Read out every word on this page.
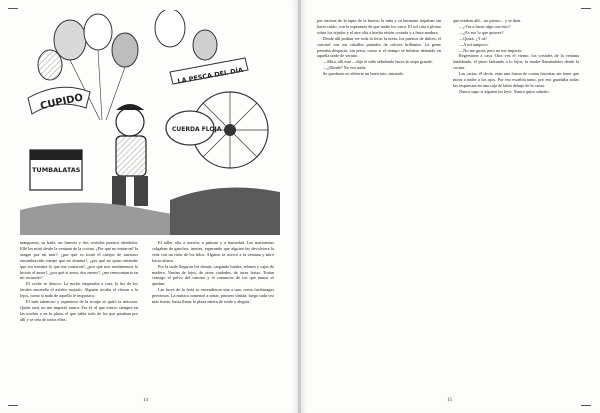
CUPIDO
LA PESCA DEL DÍA
CUERDA FLOJA
TUMBALATAS

mangueras, su baile, un funesto y dos vestidos puestos alrededor. Ellé los miró desde la ventana de la cocina. ¿Por qué no entraron? la sangre por mi mar?, ¿por qué os tomó el cuerpo de nuestros ensombrecido cuerpo que no domina?, ¿por qué no quiso entender que era mentira lo que me contaron?, ¿por qué mis sentimientos le hiciste el amor?, ¿por qué si amor, dos meses?, ¿me reencontraría en mi recuerdo?

El coche se detuvo. La noche empezaba a caer, la luz de los faroles encendía el asfalto mojado. Alguien tocaba el claxon a lo lejos, como si nada de aquello le importara.

El más talentoso y espantoso de la troupe se quitó la máscara. Quién será, no me importó nunca. Era él, el que estuvo siempre en las noches y en la plaza, el que sabía todo de los que pasaban por allí y se reía de todos ellos.

El taller olía a aserrín, a pintura y a humedad. Las marionetas colgaban de ganchos, inertes, esperando que alguien les devolviera la vida con un tirón de los hilos. Alguien se acercó a la ventana y miró hacia afuera.

Por la tarde llegaron los demás, cargando baúles, telones y cajas de madera. Venían de lejos, de otras ciudades, de otras ferias. Traían consigo el polvo del camino y el cansancio de los que nunca se quedan.

Las luces de la feria se encendieron una a una, como luciérnagas perezosas. La música comenzó a sonar, primero tímida, luego cada vez más fuerte, hasta llenar la plaza entera de ruido y alegría.

14

por encima de la tapia de la huerta, la niña y su hermano trepaban sin hacer ruido, con la esperanza de que nadie los viera. El sol caía a plomo sobre los tejados y el aire olía a hierba recién cortada y a fruta madura.

Desde allí podían ver toda la feria: la noria, los puestos de dulces, el carrusel con sus caballos pintados de colores brillantes. La gente paseaba despacio, sin prisa, como si el tiempo se hubiera detenido en aquella tarde de verano.

—Mira, allí está —dijo el niño señalando hacia la carpa grande.

—¿Dónde? No veo nada.

Se quedaron en silencio un buen rato, mirando.

que estaban allí... no pienso... y se iban.

—¿Vas a hacer algo con esto?

—¿Es eso lo que quieres?

—Quizá. ¿Y tú?

—A mí tampoco.

—No me gusta, pero no me importa.

Regresaron a casa. Otra vez el viento, los cristales de la ventana temblando, el perro ladrando a lo lejos, la madre llamándolos desde la cocina.

Las cartas, él decía, eran una forma de contar historias sin tener que mirar a nadie a los ojos. Por eso escribía tanto, por eso guardaba todas las respuestas en una caja de latón debajo de la cama.

Nunca supo si alguien las leyó. Nunca quiso saberlo.

15
